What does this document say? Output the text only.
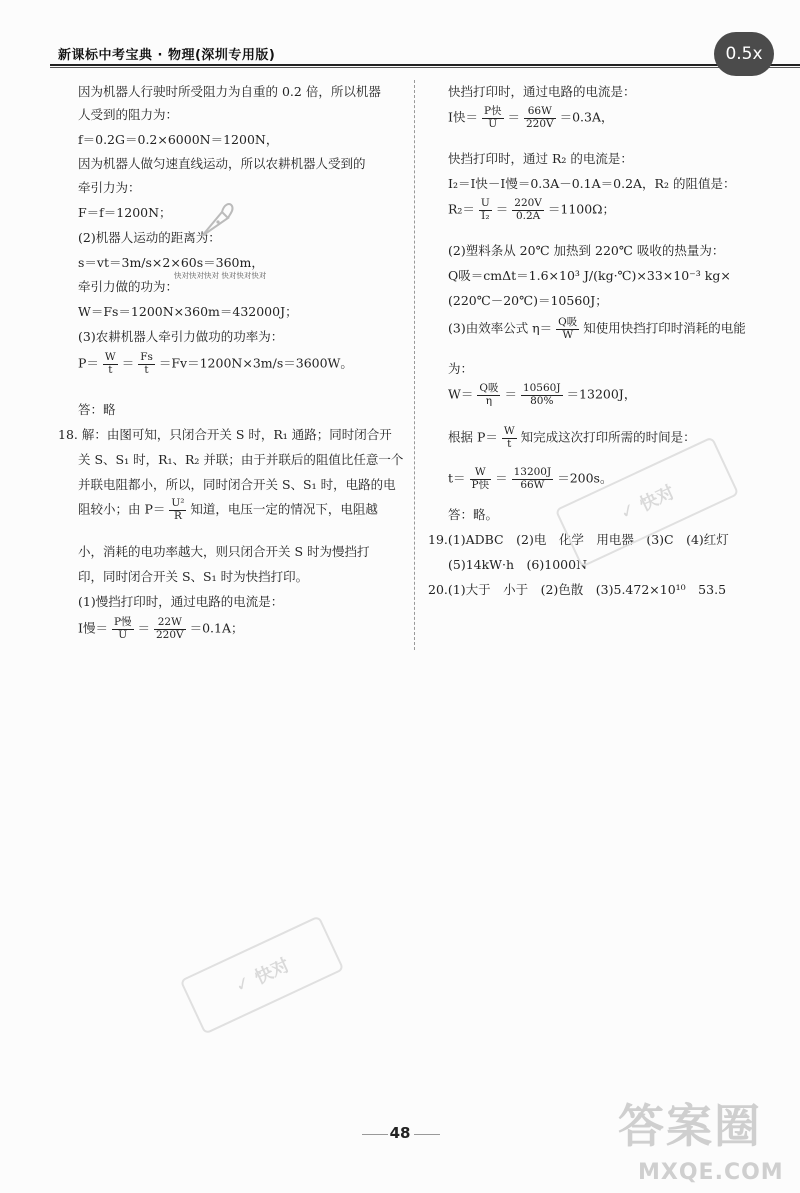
新课标中考宝典 · 物理(深圳专用版)	0.5x
因为机器人行驶时所受阻力为自重的 0.2 倍，所以机器
人受到的阻力为：
f＝0.2G＝0.2×6000N＝1200N，
因为机器人做匀速直线运动，所以农耕机器人受到的
牵引力为：
F＝f＝1200N；
(2)机器人运动的距离为：
s＝vt＝3m/s×2×60s＝360m，
牵引力做的功为：
W＝Fs＝1200N×360m＝432000J；
(3)农耕机器人牵引力做功的功率为：
$P= \frac{W}{t} = \frac{Fs}{t} =Fv=1200N\times 3m/s=3600W$。
答：略
18. 解：由图可知，只闭合开关 S 时，R₁ 通路；同时闭合开
关 S、S₁ 时，R₁、R₂ 并联；由于并联后的阻值比任意一个
并联电阻都小，所以，同时闭合开关 S、S₁ 时，电路的电
阻较小；由 $P= \frac{\text{U²}}{R}$ 知道，电压一定的情况下，电阻越
小，消耗的电功率越大，则只闭合开关 S 时为慢挡打
印，同时闭合开关 S、S₁ 时为快挡打印。
(1)慢挡打印时，通过电路的电流是：
I慢＝ $\frac{\text{P慢}}{U} = \frac{22W}{220V} =0.1A$；
快挡打印时，通过电路的电流是：
I快＝ $\frac{\text{P快}}{U} = \frac{66W}{220V} =0.3A$，
快挡打印时，通过 R₂ 的电流是：
I₂＝I快－I慢＝0.3A－0.1A＝0.2A，R₂ 的阻值是：
$R_2= \frac{U}{\text{I₂}} = \frac{220V}{0.2A} =1100\Omega$；
(2)塑料条从 20℃ 加热到 220℃ 吸收的热量为：
Q吸＝cmΔt＝1.6×10³ J/(kg·℃)×33×10⁻³ kg×
(220℃－20℃)＝10560J；
(3)由效率公式 $\eta= \frac{\text{Q吸}}{W}$ 知使用快挡打印时消耗的电能
为：
$W= \frac{\text{Q吸}}{\eta} = \frac{10560J}{80\%} =13200J$，
根据 $P= \frac{W}{t}$ 知完成这次打印所需的时间是：
$t= \frac{W}{\text{P快}} = \frac{13200J}{66W} =200s$。
答：略。
19.(1)ADBC　(2)电　化学　用电器　(3)C　(4)红灯
(5)14kW·h　(6)1000N
20.(1)大于　小于　(2)色散　(3)5.472×10¹⁰　53.5
快对快对快对 快对快对快对
✓

快对
✓

快对
48	答案圈
MXQE.COM
